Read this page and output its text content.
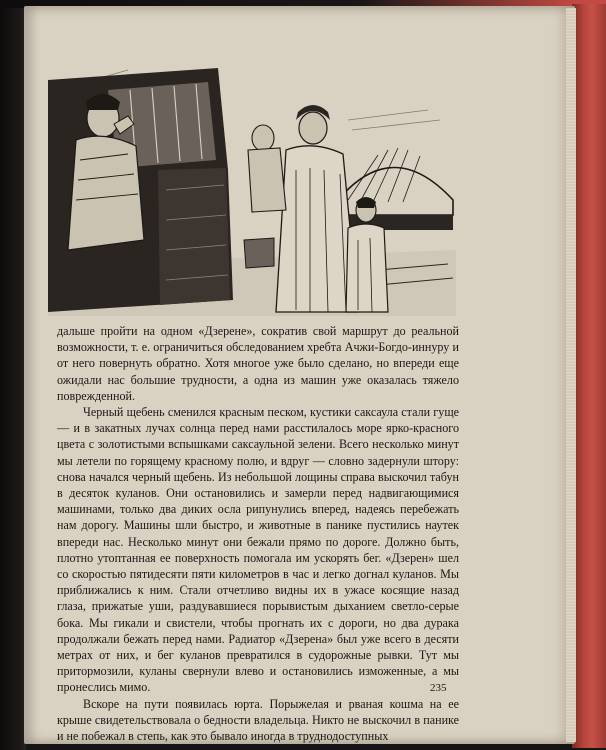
дальше пройти на одном «Дзерене», сократив свой маршрут до реальной возможности, т. е. ограничиться обследованием хребта Ачжи-Богдо-иннуру и от него повернуть обратно. Хотя многое уже было сделано, но впереди еще ожидали нас большие трудности, а одна из машин уже оказалась тяжело поврежденной.

Черный щебень сменился красным песком, кустики саксаула стали гуще — и в закатных лучах солнца перед нами расстилалось море ярко-красного цвета с золотистыми вспышками саксаульной зелени. Всего несколько минут мы летели по горящему красному полю, и вдруг — словно задернули штору: снова начался черный щебень. Из небольшой лощины справа выскочил табун в десяток куланов. Они остановились и замерли перед надвигающимися машинами, только два диких осла рипунулись вперед, надеясь перебежать нам дорогу. Машины шли быстро, и животные в панике пустились наутек впереди нас. Несколько минут они бежали прямо по дороге. Должно быть, плотно утоптанная ее поверхность помогала им ускорять бег. «Дзерен» шел со скоростью пятидесяти пяти километров в час и легко догнал куланов. Мы приближались к ним. Стали отчетливо видны их в ужасе косящие назад глаза, прижатые уши, раздувавшиеся порывистым дыханием светло-серые бока. Мы гикали и свистели, чтобы прогнать их с дороги, но два дурака продолжали бежать перед нами. Радиатор «Дзерена» был уже всего в десяти метрах от них, и бег куланов превратился в судорожные рывки. Тут мы притормозили, куланы свернули влево и остановились изможенные, а мы пронеслись мимо.

Вскоре на пути появилась юрта. Порыжелая и рваная кошма на ее крыше свидетельствовала о бедности владельца. Никто не выскочил в панике и не побежал в степь, как это бывало иногда в труднодоступных

235
